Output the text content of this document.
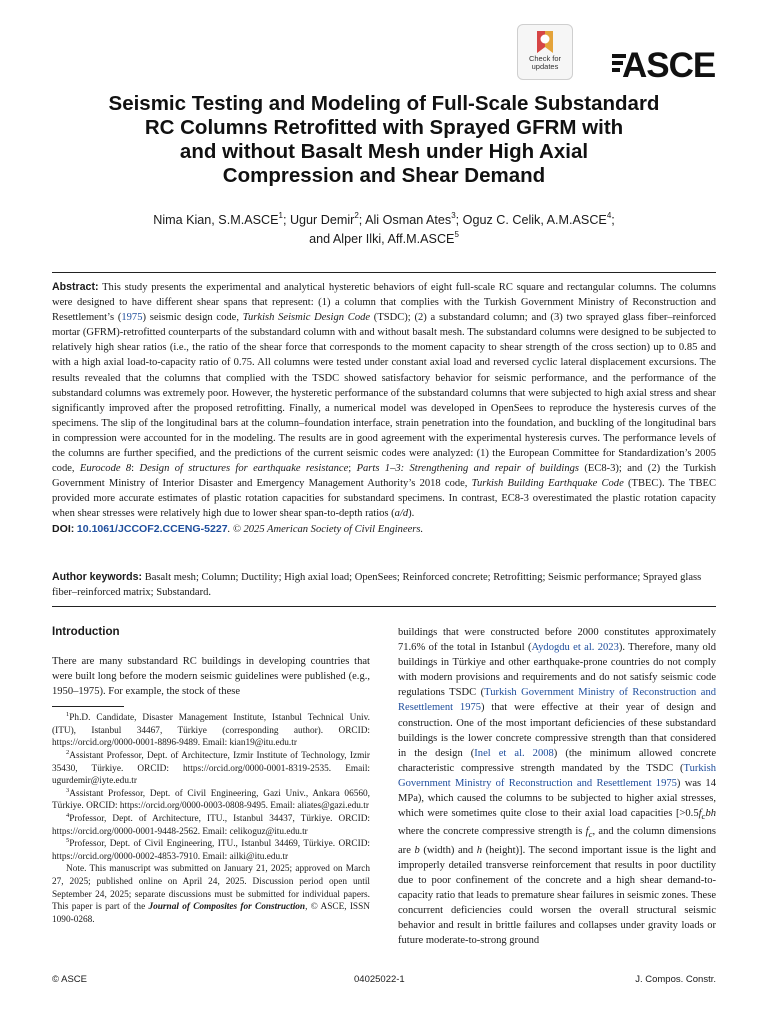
Check for
updates	ASCE
Seismic Testing and Modeling of Full-Scale Substandard
RC Columns Retrofitted with Sprayed GFRM with
and without Basalt Mesh under High Axial
Compression and Shear Demand
Nima Kian, S.M.ASCE$^1$; Ugur Demir$^2$; Ali Osman Ates$^3$; Oguz C. Celik, A.M.ASCE$^4$;
and Alper Ilki, Aff.M.ASCE$^5$
Abstract: This study presents the experimental and analytical hysteretic behaviors of eight full-scale RC square and rectangular columns. The columns were designed to have different shear spans that represent: (1) a column that complies with the Turkish Government Ministry of Reconstruction and Resettlement’s (1975) seismic design code, Turkish Seismic Design Code (TSDC); (2) a substandard column; and (3) two sprayed glass fiber–reinforced mortar (GFRM)-retrofitted counterparts of the substandard column with and without basalt mesh. The substandard columns were designed to be subjected to relatively high shear ratios (i.e., the ratio of the shear force that corresponds to the moment capacity to shear strength of the cross section) up to 0.85 and with a high axial load-to-capacity ratio of 0.75. All columns were tested under constant axial load and reversed cyclic lateral displacement excursions. The results revealed that the columns that complied with the TSDC showed satisfactory behavior for seismic performance, and the performance of the substandard columns was extremely poor. However, the hysteretic performance of the substandard columns that were subjected to high axial stress and shear significantly improved after the proposed retrofitting. Finally, a numerical model was developed in OpenSees to reproduce the hysteresis curves of the specimens. The slip of the longitudinal bars at the column–foundation interface, strain penetration into the foundation, and buckling of the longitudinal bars in compression were accounted for in the modeling. The results are in good agreement with the experimental hysteresis curves. The performance levels of the columns are further specified, and the predictions of the current seismic codes were analyzed: (1) the European Committee for Standardization’s 2005 code, Eurocode 8: Design of structures for earthquake resistance; Parts 1–3: Strengthening and repair of buildings (EC8-3); and (2) the Turkish Government Ministry of Interior Disaster and Emergency Management Authority’s 2018 code, Turkish Building Earthquake Code (TBEC). The TBEC provided more accurate estimates of plastic rotation capacities for substandard specimens. In contrast, EC8-3 overestimated the plastic rotation capacity when shear stresses were relatively high due to lower shear span-to-depth ratios (a/d).
DOI: 10.1061/JCCOF2.CCENG-5227. © 2025 American Society of Civil Engineers.
Author keywords: Basalt mesh; Column; Ductility; High axial load; OpenSees; Reinforced concrete; Retrofitting; Seismic performance; Sprayed glass fiber–reinforced matrix; Substandard.
Introduction

There are many substandard RC buildings in developing countries that were built long before the modern seismic guidelines were published (e.g., 1950–1975). For example, the stock of these

$^1$Ph.D. Candidate, Disaster Management Institute, Istanbul Technical Univ. (ITU), Istanbul 34467, Türkiye (corresponding author). ORCID: https://orcid.org/0000-0001-8896-9489. Email: kian19@itu.edu.tr

$^2$Assistant Professor, Dept. of Architecture, Izmir Institute of Technology, Izmir 35430, Türkiye. ORCID: https://orcid.org/0000-0001-8319-2535. Email: ugurdemir@iyte.edu.tr

$^3$Assistant Professor, Dept. of Civil Engineering, Gazi Univ., Ankara 06560, Türkiye. ORCID: https://orcid.org/0000-0003-0808-9495. Email: aliates@gazi.edu.tr

$^4$Professor, Dept. of Architecture, ITU., Istanbul 34437, Türkiye. ORCID: https://orcid.org/0000-0001-9448-2562. Email: celikoguz@itu.edu.tr

$^5$Professor, Dept. of Civil Engineering, ITU., Istanbul 34469, Türkiye. ORCID: https://orcid.org/0000-0002-4853-7910. Email: ailki@itu.edu.tr

Note. This manuscript was submitted on January 21, 2025; approved on March 27, 2025; published online on April 24, 2025. Discussion period open until September 24, 2025; separate discussions must be submitted for individual papers. This paper is part of the Journal of Composites for Construction, © ASCE, ISSN 1090-0268.

buildings that were constructed before 2000 constitutes approximately 71.6% of the total in Istanbul (Aydogdu et al. 2023). Therefore, many old buildings in Türkiye and other earthquake-prone countries do not comply with modern provisions and requirements and do not satisfy seismic code regulations TSDC (Turkish Government Ministry of Reconstruction and Resettlement 1975) that were effective at their year of design and construction. One of the most important deficiencies of these substandard buildings is the lower concrete compressive strength than that considered in the design (Inel et al. 2008) (the minimum allowed concrete characteristic compressive strength mandated by the TSDC (Turkish Government Ministry of Reconstruction and Resettlement 1975) was 14 MPa), which caused the columns to be subjected to higher axial stresses, which were sometimes quite close to their axial load capacities [$>0.5f_cbh$ where the concrete compressive strength is $f_c$, and the column dimensions are b (width) and h (height)]. The second important issue is the light and improperly detailed transverse reinforcement that results in poor ductility due to poor confinement of the concrete and a high shear demand-to-capacity ratio that leads to premature shear failures in seismic zones. These concurrent deficiencies could worsen the overall structural seismic behavior and result in brittle failures and collapses under gravity loads or future moderate-to-strong ground
© ASCE	04025022-1	J. Compos. Constr.
